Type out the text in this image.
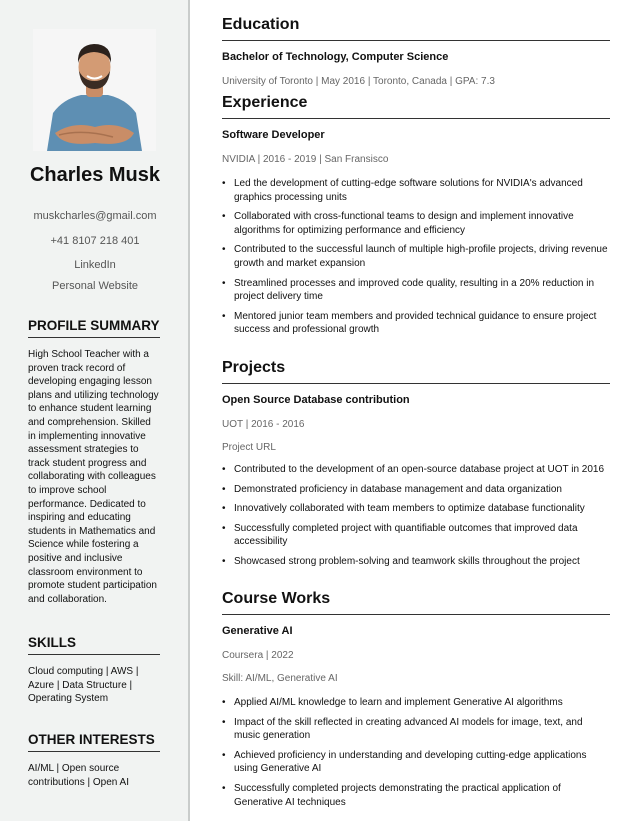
Charles Musk
muskcharles@gmail.com
+41 8107 218 401
LinkedIn
Personal Website
PROFILE SUMMARY
High School Teacher with a proven track record of developing engaging lesson plans and utilizing technology to enhance student learning and comprehension. Skilled in implementing innovative assessment strategies to track student progress and collaborating with colleagues to improve school performance. Dedicated to inspiring and educating students in Mathematics and Science while fostering a positive and inclusive classroom environment to promote student participation and collaboration.
SKILLS
Cloud computing | AWS | Azure | Data Structure | Operating System
OTHER INTERESTS
AI/ML | Open source contributions | Open AI
Education
Bachelor of Technology, Computer Science
University of Toronto | May 2016 | Toronto, Canada | GPA: 7.3
Experience
Software Developer
NVIDIA | 2016 - 2019 | San Fransisco
• Led the development of cutting-edge software solutions for NVIDIA's advanced graphics processing units
• Collaborated with cross-functional teams to design and implement innovative algorithms for optimizing performance and efficiency
• Contributed to the successful launch of multiple high-profile projects, driving revenue growth and market expansion
• Streamlined processes and improved code quality, resulting in a 20% reduction in project delivery time
• Mentored junior team members and provided technical guidance to ensure project success and professional growth
Projects
Open Source Database contribution
UOT | 2016 - 2016
Project URL
• Contributed to the development of an open-source database project at UOT in 2016
• Demonstrated proficiency in database management and data organization
• Innovatively collaborated with team members to optimize database functionality
• Successfully completed project with quantifiable outcomes that improved data accessibility
• Showcased strong problem-solving and teamwork skills throughout the project
Course Works
Generative AI
Coursera | 2022
Skill: AI/ML, Generative AI
• Applied AI/ML knowledge to learn and implement Generative AI algorithms
• Impact of the skill reflected in creating advanced AI models for image, text, and music generation
• Achieved proficiency in understanding and developing cutting-edge applications using Generative AI
• Successfully completed projects demonstrating the practical application of Generative AI techniques
